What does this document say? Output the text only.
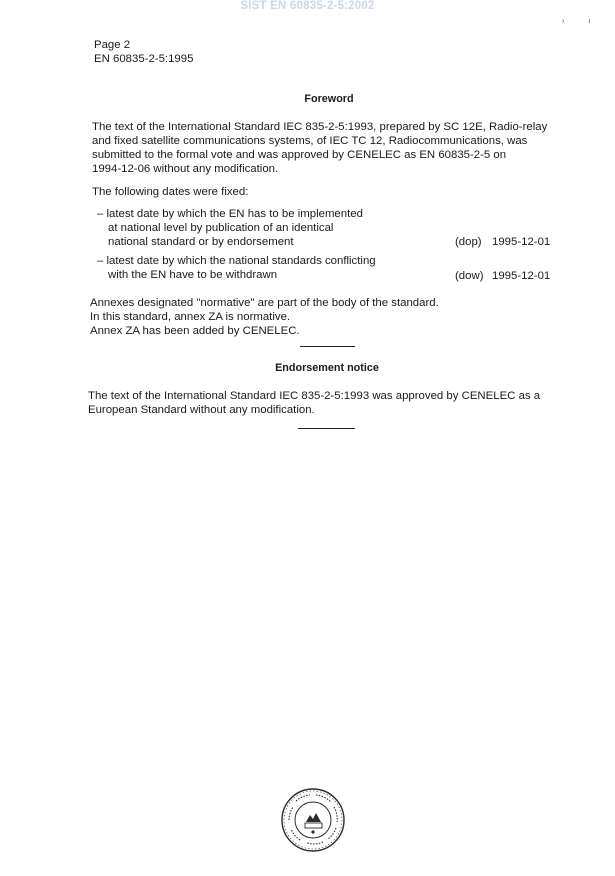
SIST EN 60835-2-5:2002
›	ı
Page 2
EN 60835-2-5:1995
Foreword
The text of the International Standard IEC 835-2-5:1993, prepared by SC 12E, Radio-relay
and fixed satellite communications systems, of IEC TC 12, Radiocommunications, was
submitted to the formal vote and was approved by CENELEC as EN 60835-2-5 on
1994-12-06 without any modification.
The following dates were fixed:
– latest date by which the EN has to be implemented
at national level by publication of an identical
national standard or by endorsement	(dop) 1995-12-01
– latest date by which the national standards conflicting
with the EN have to be withdrawn	(dow) 1995-12-01
Annexes designated "normative" are part of the body of the standard.
In this standard, annex ZA is normative.
Annex ZA has been added by CENELEC.
Endorsement notice
The text of the International Standard IEC 835-2-5:1993 was approved by CENELEC as a
European Standard without any modification.
